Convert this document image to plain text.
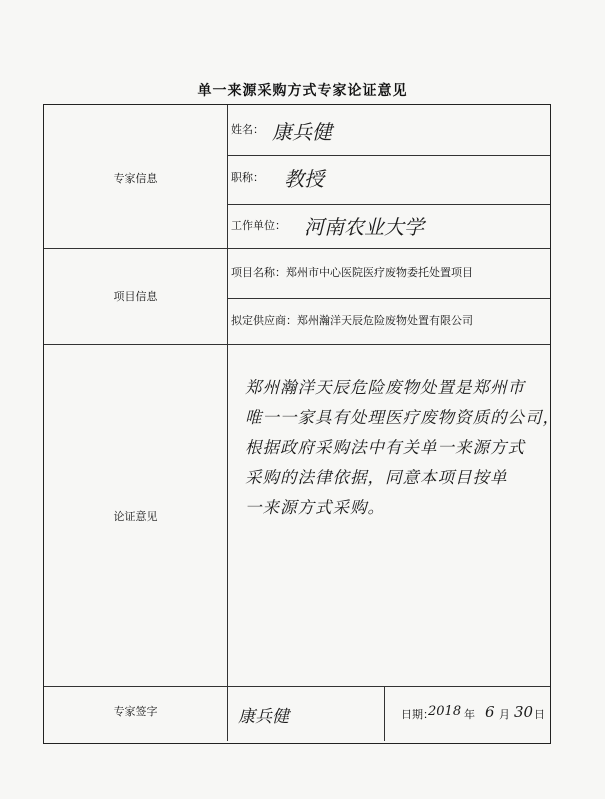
单一来源采购方式专家论证意见
专家信息
项目信息
论证意见
专家签字
姓名： 康兵健
职称： 教授
工作单位： 河南农业大学
项目名称：郑州市中心医院医疗废物委托处置项目
拟定供应商：郑州瀚洋天辰危险废物处置有限公司
康兵健	日期：
2018 年 6 月 30 日
郑州瀚洋天辰危险废物处置是郑州市
唯一一家具有处理医疗废物资质的公司，
根据政府采购法中有关单一来源方式
采购的法律依据，同意本项目按单
一来源方式采购。
